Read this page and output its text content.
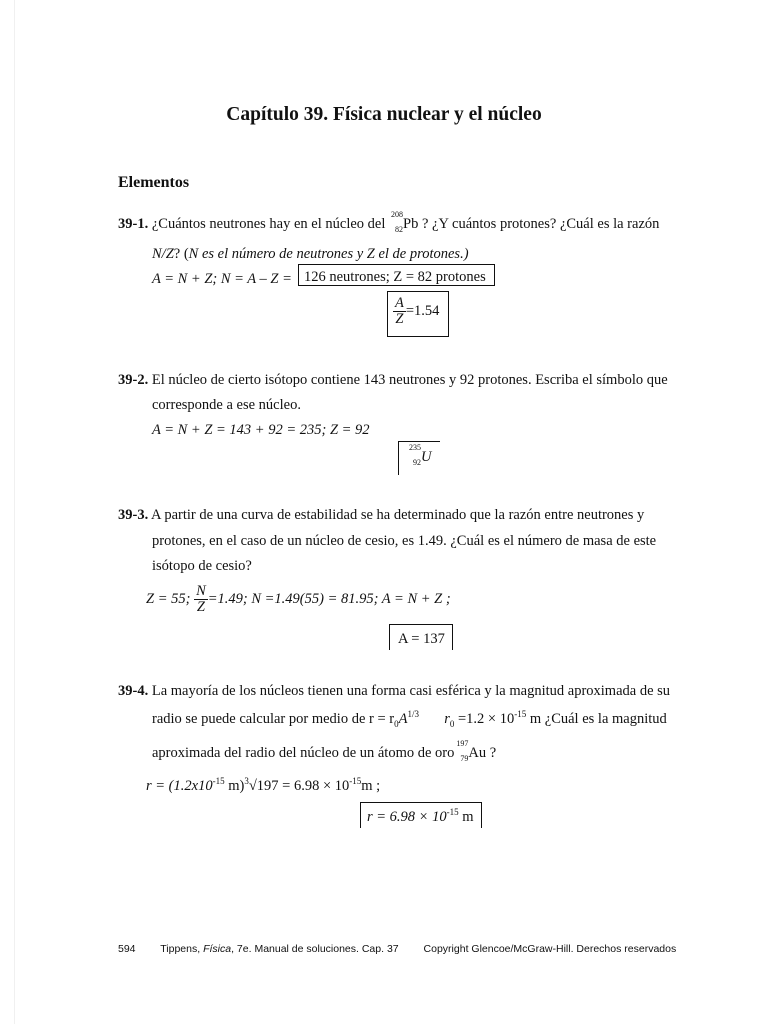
Capítulo 39. Física nuclear y el núcleo
Elementos
39-1. ¿Cuántos neutrones hay en el núcleo del
208
82 Pb ? ¿Y cuántos protones? ¿Cuál es la razón
N/Z? (N es el número de neutrones y Z el de protones.)
A = N + Z; N = A – Z = 126 neutrones; Z = 82 protones
$\frac{A}{Z} =1.54$
39-2. El núcleo de cierto isótopo contiene 143 neutrones y 92 protones. Escriba el símbolo que
corresponde a ese núcleo.
A = N + Z = 143 + 92 = 235; Z = 92
235
92 U
39-3. A partir de una curva de estabilidad se ha determinado que la razón entre neutrones y
protones, en el caso de un núcleo de cesio, es 1.49. ¿Cuál es el número de masa de este
isótopo de cesio?
Z = 55; $\frac{N}{Z} =1.49$; N =1.49(55) = 81.95; A = N + Z ;
A = 137
39-4. La mayoría de los núcleos tienen una forma casi esférica y la magnitud aproximada de su
radio se puede calcular por medio de $r = r_0A^{1/3}$ $r_0 =1.2 \times 10^{-15}$ m ¿Cuál es la magnitud
aproximada del radio del núcleo de un átomo de oro
197
79 Au ?
$r = (1.2x10^{-15}$ $m)^3√197 = 6.98 \times 10^{-15}m$ ;
$r = 6.98 \times 10^{-15}$ m
594 Tippens, Física, 7e. Manual de soluciones. Cap. 37 Copyright Glencoe/McGraw-Hill. Derechos reservados
